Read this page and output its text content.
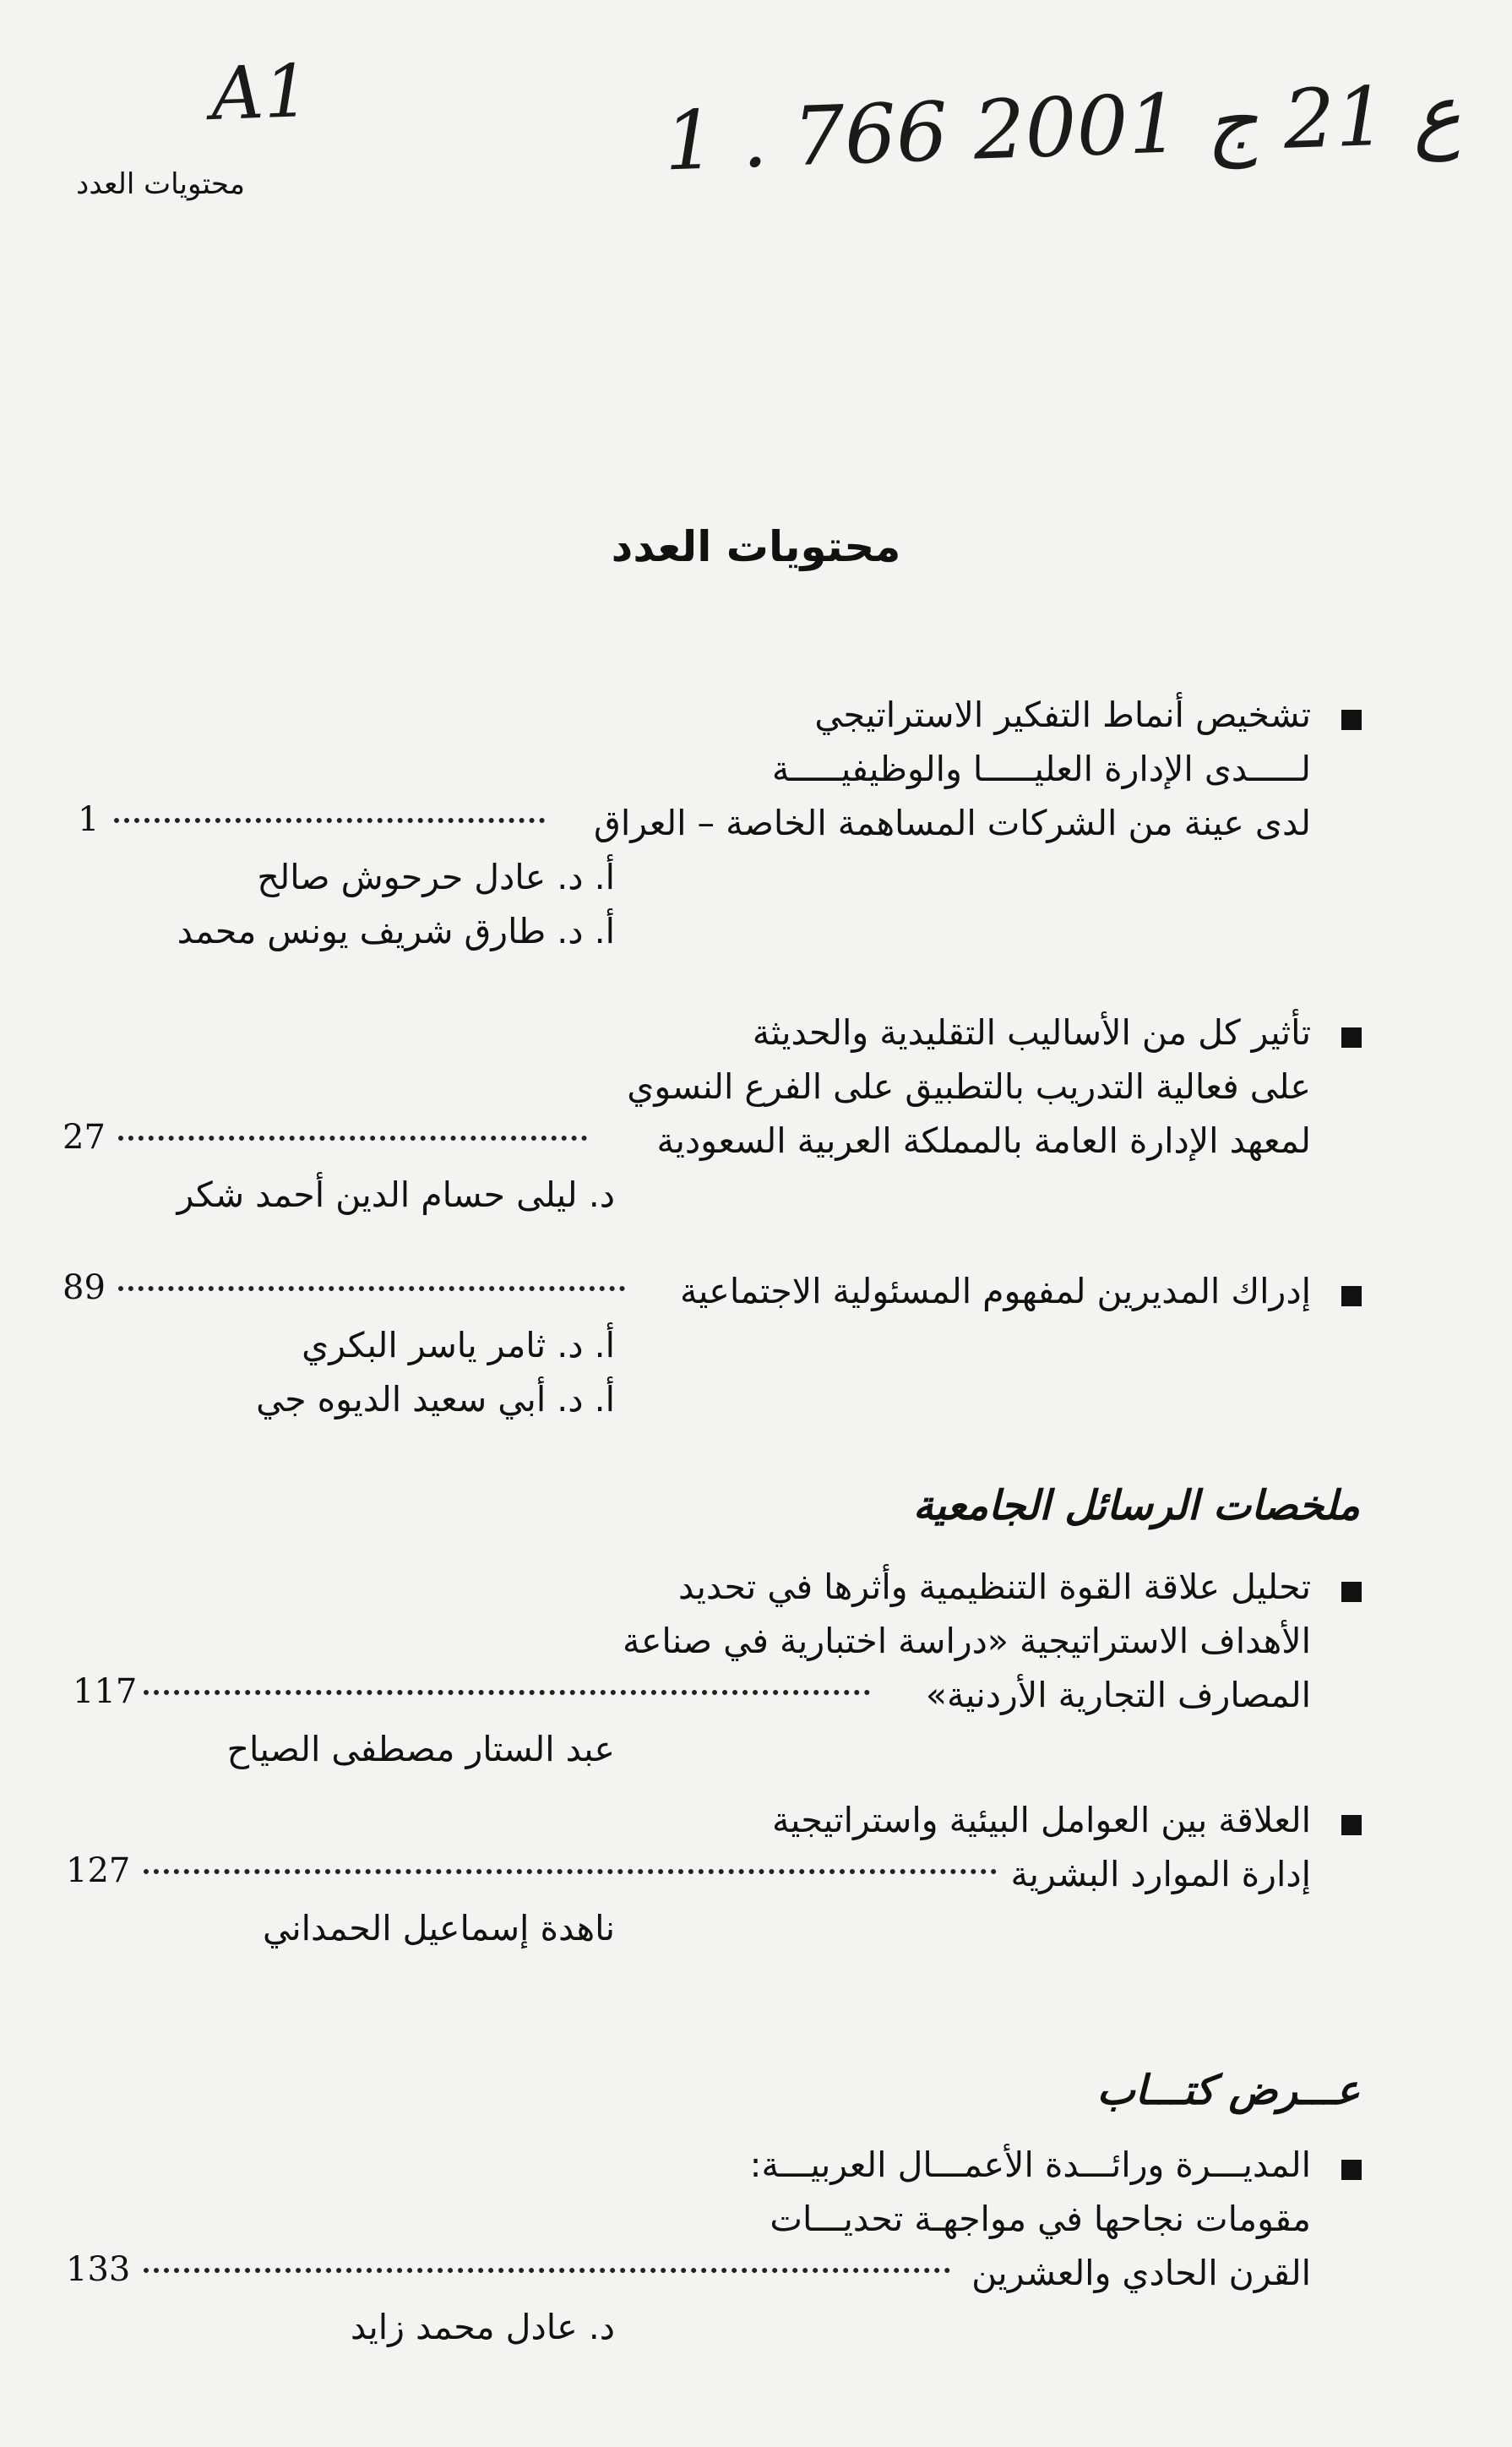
A1	1 . ع 21 ج 2001 766
محتويات العدد
محتويات العدد
تشخيص أنماط التفكير الاستراتيجي
لـــــدى الإدارة العليـــــا والوظيفيـــــة
لدى عينة من الشركات المساهمة الخاصة – العراق
1
أ. د. عادل حرحوش صالح
أ. د. طارق شريف يونس محمد
تأثير كل من الأساليب التقليدية والحديثة
على فعالية التدريب بالتطبيق على الفرع النسوي
لمعهد الإدارة العامة بالمملكة العربية السعودية
27
د. ليلى حسام الدين أحمد شكر
إدراك المديرين لمفهوم المسئولية الاجتماعية
89
أ. د. ثامر ياسر البكري
أ. د. أبي سعيد الديوه جي
ملخصات الرسائل الجامعية
تحليل علاقة القوة التنظيمية وأثرها في تحديد
الأهداف الاستراتيجية «دراسة اختبارية في صناعة
المصارف التجارية الأردنية»
117
عبد الستار مصطفى الصياح
العلاقة بين العوامل البيئية واستراتيجية
إدارة الموارد البشرية
127
ناهدة إسماعيل الحمداني
عـــرض كتـــاب
المديـــرة ورائـــدة الأعمـــال العربيـــة:
مقومات نجاحها في مواجهـة تحديـــات
القرن الحادي والعشرين
133
د. عادل محمد زايد
